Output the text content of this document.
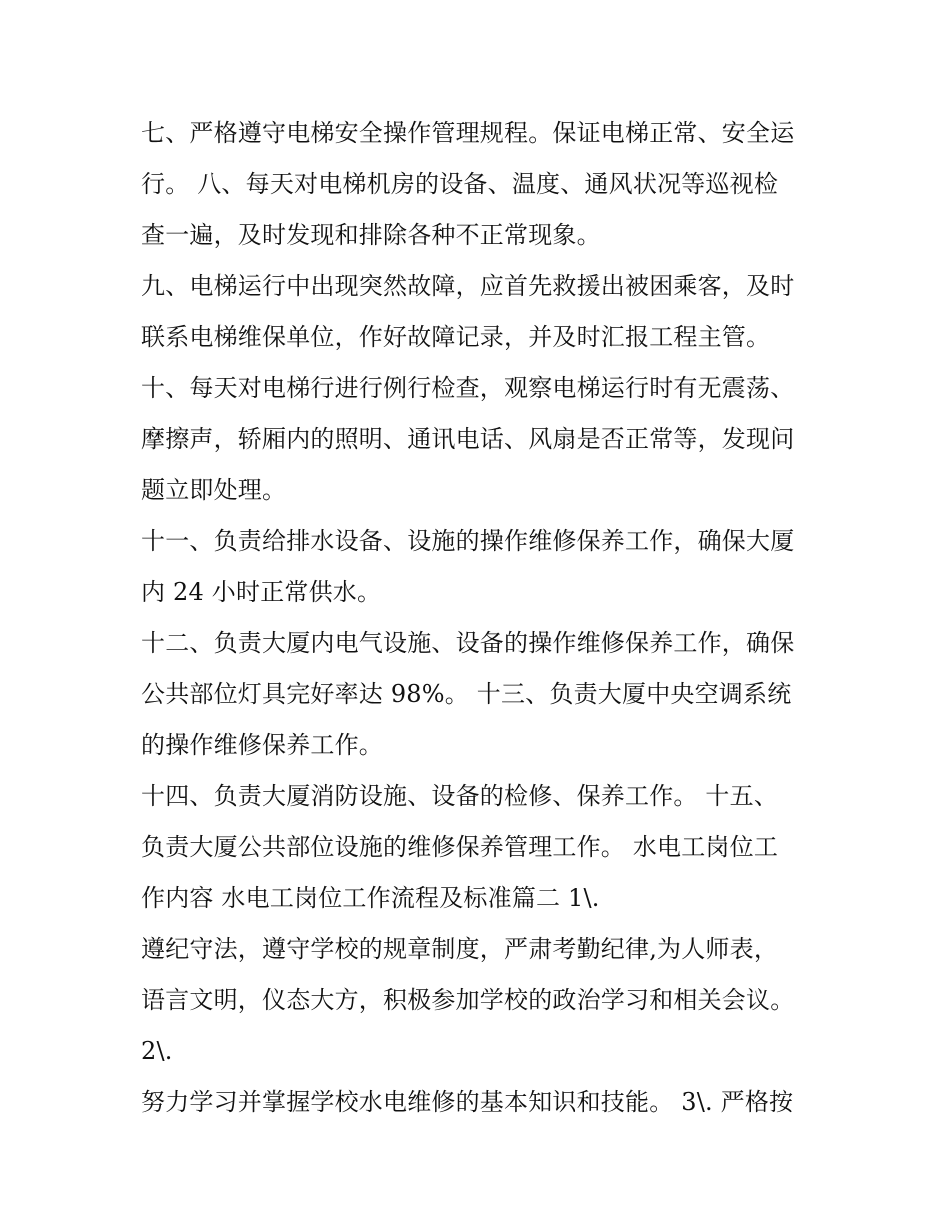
七、严格遵守电梯安全操作管理规程。保证电梯正常、安全运
行。 八、每天对电梯机房的设备、温度、通风状况等巡视检
查一遍，及时发现和排除各种不正常现象。
九、电梯运行中出现突然故障，应首先救援出被困乘客，及时
联系电梯维保单位，作好故障记录，并及时汇报工程主管。
十、每天对电梯行进行例行检查，观察电梯运行时有无震荡、
摩擦声，轿厢内的照明、通讯电话、风扇是否正常等，发现问
题立即处理。
十一、负责给排水设备、设施的操作维修保养工作，确保大厦
内 24 小时正常供水。
十二、负责大厦内电气设施、设备的操作维修保养工作，确保
公共部位灯具完好率达 98%。 十三、负责大厦中央空调系统
的操作维修保养工作。
十四、负责大厦消防设施、设备的检修、保养工作。 十五、
负责大厦公共部位设施的维修保养管理工作。 水电工岗位工
作内容 水电工岗位工作流程及标准篇二 1\.
遵纪守法，遵守学校的规章制度，严肃考勤纪律,为人师表，
语言文明，仪态大方，积极参加学校的政治学习和相关会议。
2\.
努力学习并掌握学校水电维修的基本知识和技能。 3\. 严格按
